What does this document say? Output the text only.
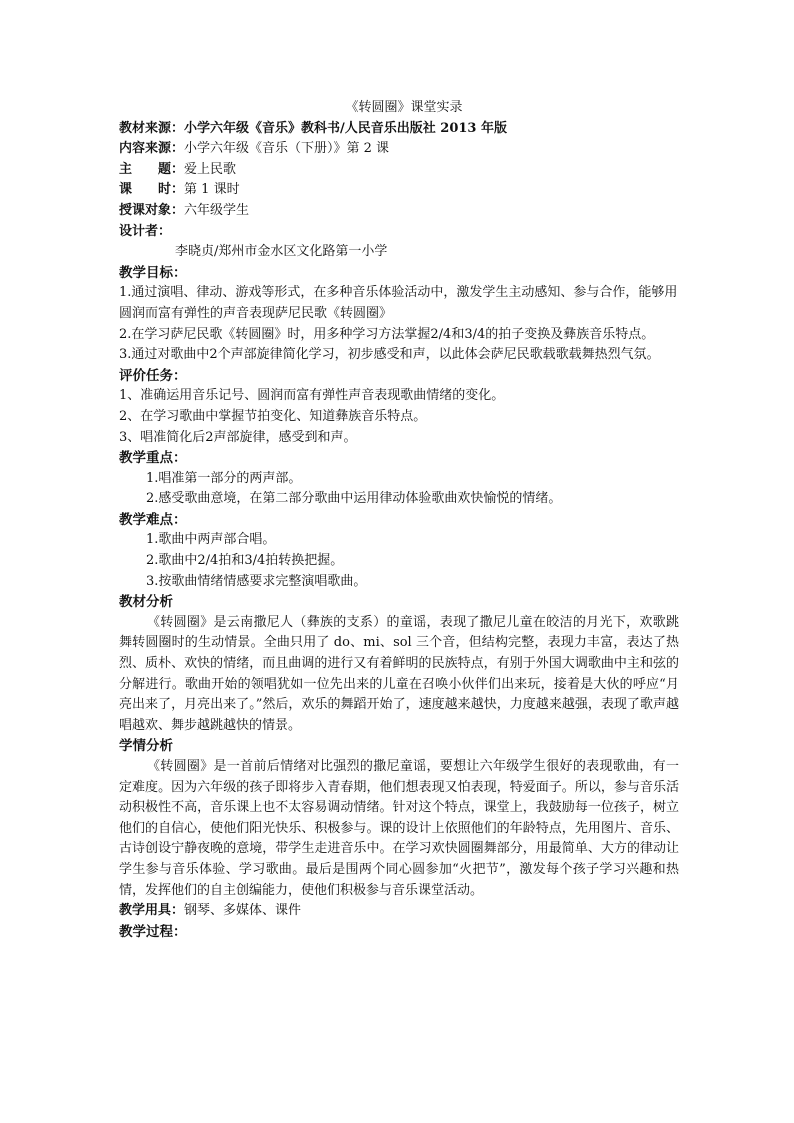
《转圆圈》课堂实录
教材来源：小学六年级《音乐》教科书/人民音乐出版社 2013 年版
内容来源：小学六年级《音乐（下册）》第 2 课
主 题：爱上民歌
课 时：第 1 课时
授课对象：六年级学生
设计者：
李晓贞/郑州市金水区文化路第一小学
教学目标：
1.通过演唱、律动、游戏等形式，在多种音乐体验活动中，激发学生主动感知、参与合作，能够用圆润而富有弹性的声音表现萨尼民歌《转圆圈》
2.在学习萨尼民歌《转圆圈》时，用多种学习方法掌握2/4和3/4的拍子变换及彝族音乐特点。
3.通过对歌曲中2个声部旋律简化学习，初步感受和声，以此体会萨尼民歌载歌载舞热烈气氛。
评价任务：
1、准确运用音乐记号、圆润而富有弹性声音表现歌曲情绪的变化。
2、在学习歌曲中掌握节拍变化、知道彝族音乐特点。
3、唱准简化后2声部旋律，感受到和声。
教学重点：
1.唱准第一部分的两声部。
2.感受歌曲意境，在第二部分歌曲中运用律动体验歌曲欢快愉悦的情绪。
教学难点：
1.歌曲中两声部合唱。
2.歌曲中2/4拍和3/4拍转换把握。
3.按歌曲情绪情感要求完整演唱歌曲。
教材分析
《转圆圈》是云南撒尼人（彝族的支系）的童谣，表现了撒尼儿童在皎洁的月光下，欢歌跳舞转圆圈时的生动情景。全曲只用了 do、mi、sol 三个音，但结构完整，表现力丰富，表达了热烈、质朴、欢快的情绪，而且曲调的进行又有着鲜明的民族特点，有别于外国大调歌曲中主和弦的分解进行。歌曲开始的领唱犹如一位先出来的儿童在召唤小伙伴们出来玩，接着是大伙的呼应“月亮出来了，月亮出来了。”然后，欢乐的舞蹈开始了，速度越来越快，力度越来越强，表现了歌声越唱越欢、舞步越跳越快的情景。
学情分析
《转圆圈》是一首前后情绪对比强烈的撒尼童谣，要想让六年级学生很好的表现歌曲，有一定难度。因为六年级的孩子即将步入青春期，他们想表现又怕表现，特爱面子。所以，参与音乐活动积极性不高，音乐课上也不太容易调动情绪。针对这个特点，课堂上，我鼓励每一位孩子，树立他们的自信心，使他们阳光快乐、积极参与。课的设计上依照他们的年龄特点，先用图片、音乐、古诗创设宁静夜晚的意境，带学生走进音乐中。在学习欢快圆圈舞部分，用最简单、大方的律动让学生参与音乐体验、学习歌曲。最后是围两个同心圆参加“火把节”，激发每个孩子学习兴趣和热情，发挥他们的自主创编能力，使他们积极参与音乐课堂活动。
教学用具：钢琴、多媒体、课件
教学过程：
